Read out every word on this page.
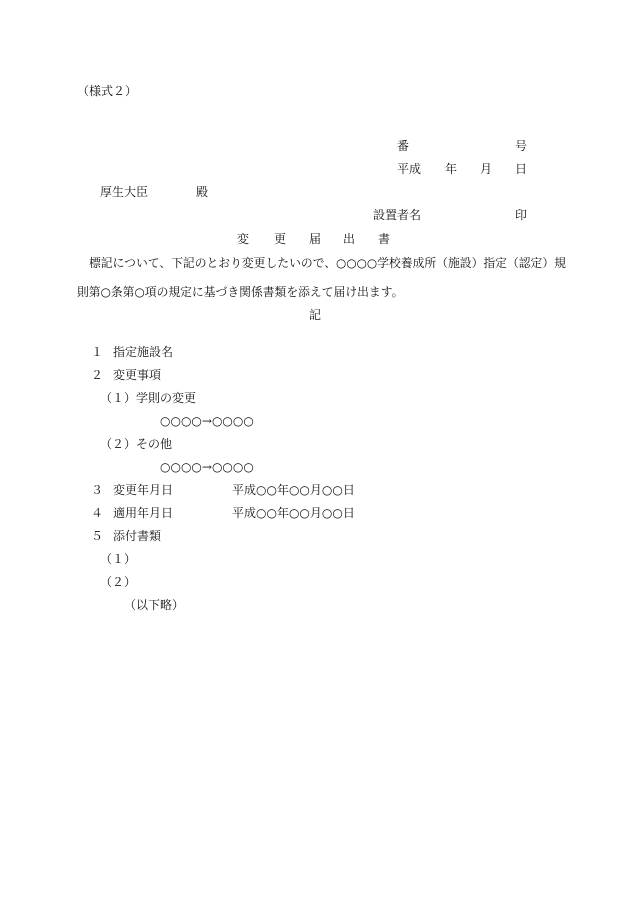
（様式２）
番	号
平成 年 月 日
厚生大臣	殿
設置者名	印
変 更 届 出 書
標記について、下記のとおり変更したいので、○○○○学校養成所（施設）指定（認定）規
則第○条第○項の規定に基づき関係書類を添えて届け出ます。
記
１ 指定施設名
２ 変更事項
（１） 学則の変更
○○○○→○○○○
（２） その他
○○○○→○○○○
３ 変更年月日	平成○○年○○月○○日
４ 適用年月日	平成○○年○○月○○日
５ 添付書類
（１）
（２）
（以下略）
